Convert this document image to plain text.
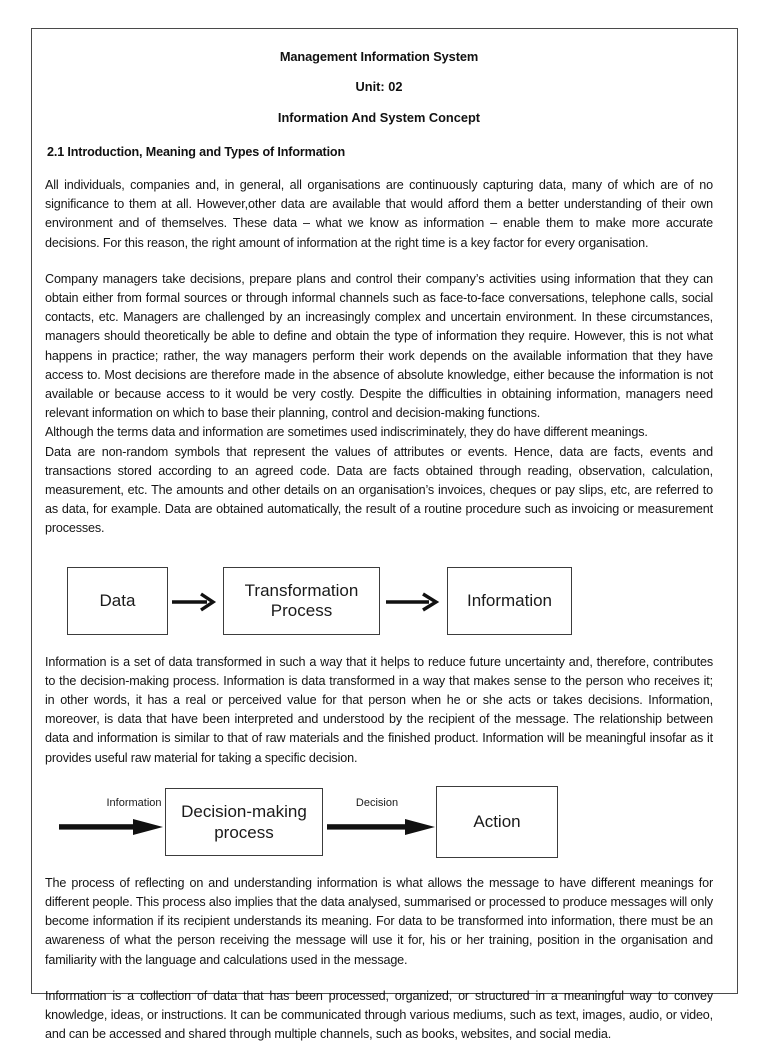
Management Information System
Unit: 02
Information And System Concept
2.1 Introduction, Meaning and Types of Information

All individuals, companies and, in general, all organisations are continuously capturing data, many of which are of no significance to them at all. However,other data are available that would afford them a better understanding of their own environment and of themselves. These data – what we know as information – enable them to make more accurate decisions. For this reason, the right amount of information at the right time is a key factor for every organisation.

Company managers take decisions, prepare plans and control their company’s activities using information that they can obtain either from formal sources or through informal channels such as face-to-face conversations, telephone calls, social contacts, etc. Managers are challenged by an increasingly complex and uncertain environment. In these circumstances, managers should theoretically be able to define and obtain the type of information they require. However, this is not what happens in practice; rather, the way managers perform their work depends on the available information that they have access to. Most decisions are therefore made in the absence of absolute knowledge, either because the information is not available or because access to it would be very costly. Despite the difficulties in obtaining information, managers need relevant information on which to base their planning, control and decision-making functions.

Although the terms data and information are sometimes used indiscriminately, they do have different meanings.

Data are non-random symbols that represent the values of attributes or events. Hence, data are facts, events and transactions stored according to an agreed code. Data are facts obtained through reading, observation, calculation, measurement, etc. The amounts and other details on an organisation’s invoices, cheques or pay slips, etc, are referred to as data, for example. Data are obtained automatically, the result of a routine procedure such as invoicing or measurement processes.

Data
Transformation
Process
Information

Information is a set of data transformed in such a way that it helps to reduce future uncertainty and, therefore, contributes to the decision-making process. Information is data transformed in a way that makes sense to the person who receives it; in other words, it has a real or perceived value for that person when he or she acts or takes decisions. Information, moreover, is data that have been interpreted and understood by the recipient of the message. The relationship between data and information is similar to that of raw materials and the finished product. Information will be meaningful insofar as it provides useful raw material for taking a specific decision.

Information	Decision-making
process
Decision
Action

The process of reflecting on and understanding information is what allows the message to have different meanings for different people. This process also implies that the data analysed, summarised or processed to produce messages will only become information if its recipient understands its meaning. For data to be transformed into information, there must be an awareness of what the person receiving the message will use it for, his or her training, position in the organisation and familiarity with the language and calculations used in the message.

Information is a collection of data that has been processed, organized, or structured in a meaningful way to convey knowledge, ideas, or instructions. It can be communicated through various mediums, such as text, images, audio, or video, and can be accessed and shared through multiple channels, such as books, websites, and social media.
